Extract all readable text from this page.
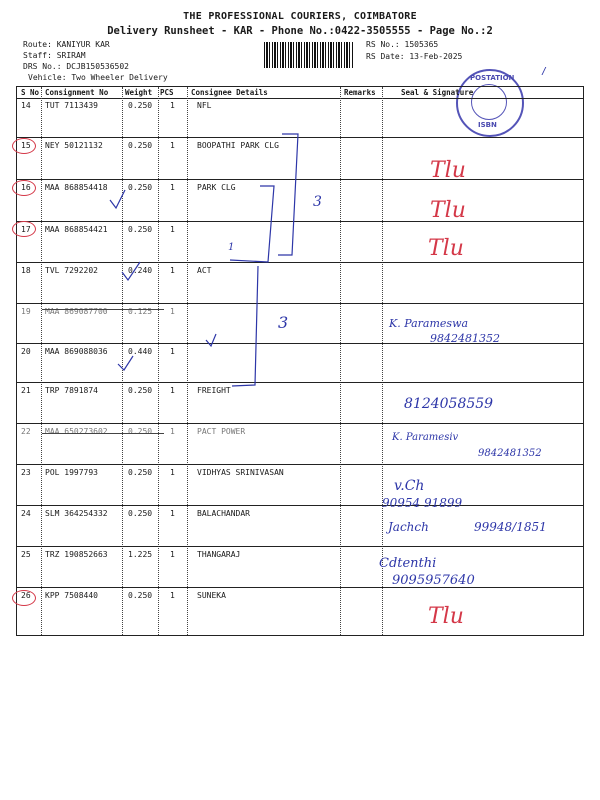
THE PROFESSIONAL COURIERS, COIMBATORE
Delivery Runsheet - KAR - Phone No.:0422-3505555 - Page No.:2
Route: KANIYUR KAR
Staff: SRIRAM
DRS No.: DCJB150536502
Vehicle: Two Wheeler Delivery
RS No.: 1505365
RS Date: 13-Feb-2025
POSTATION
ISBN
/
S No Consignment No Weight PCS Consignee Details	Remarks	Seal & Signature
14 TUT 7113439	0.250 1	NFL
15 NEY 50121132	0.250 1	BOOPATHI PARK CLG
16 MAA 868854418	0.250 1	PARK CLG
17 MAA 868854421	0.250 1
18 TVL 7292202	0.240 1	ACT
19 MAA 869087700	0.125 1
20 MAA 869088036	0.440 1
21 TRP 7891874	0.250 1	FREIGHT
22 MAA 650273602	0.250 1	PACT POWER
23 POL 1997793	0.250 1	VIDHYAS SRINIVASAN
24 SLM 364254332	0.250 1	BALACHANDAR
25 TRZ 190852663	1.225 1	THANGARAJ
26 KPP 7508440	0.250 1	SUNEKA
3
3
1
Tlu
Tlu
Tlu
Tlu
K. Parameswa
9842481352
8124058559
K. Paramesiv
9842481352
v.Ch
90954 91899
Jachch	99948/1851
Cdtenthi
9095957640
